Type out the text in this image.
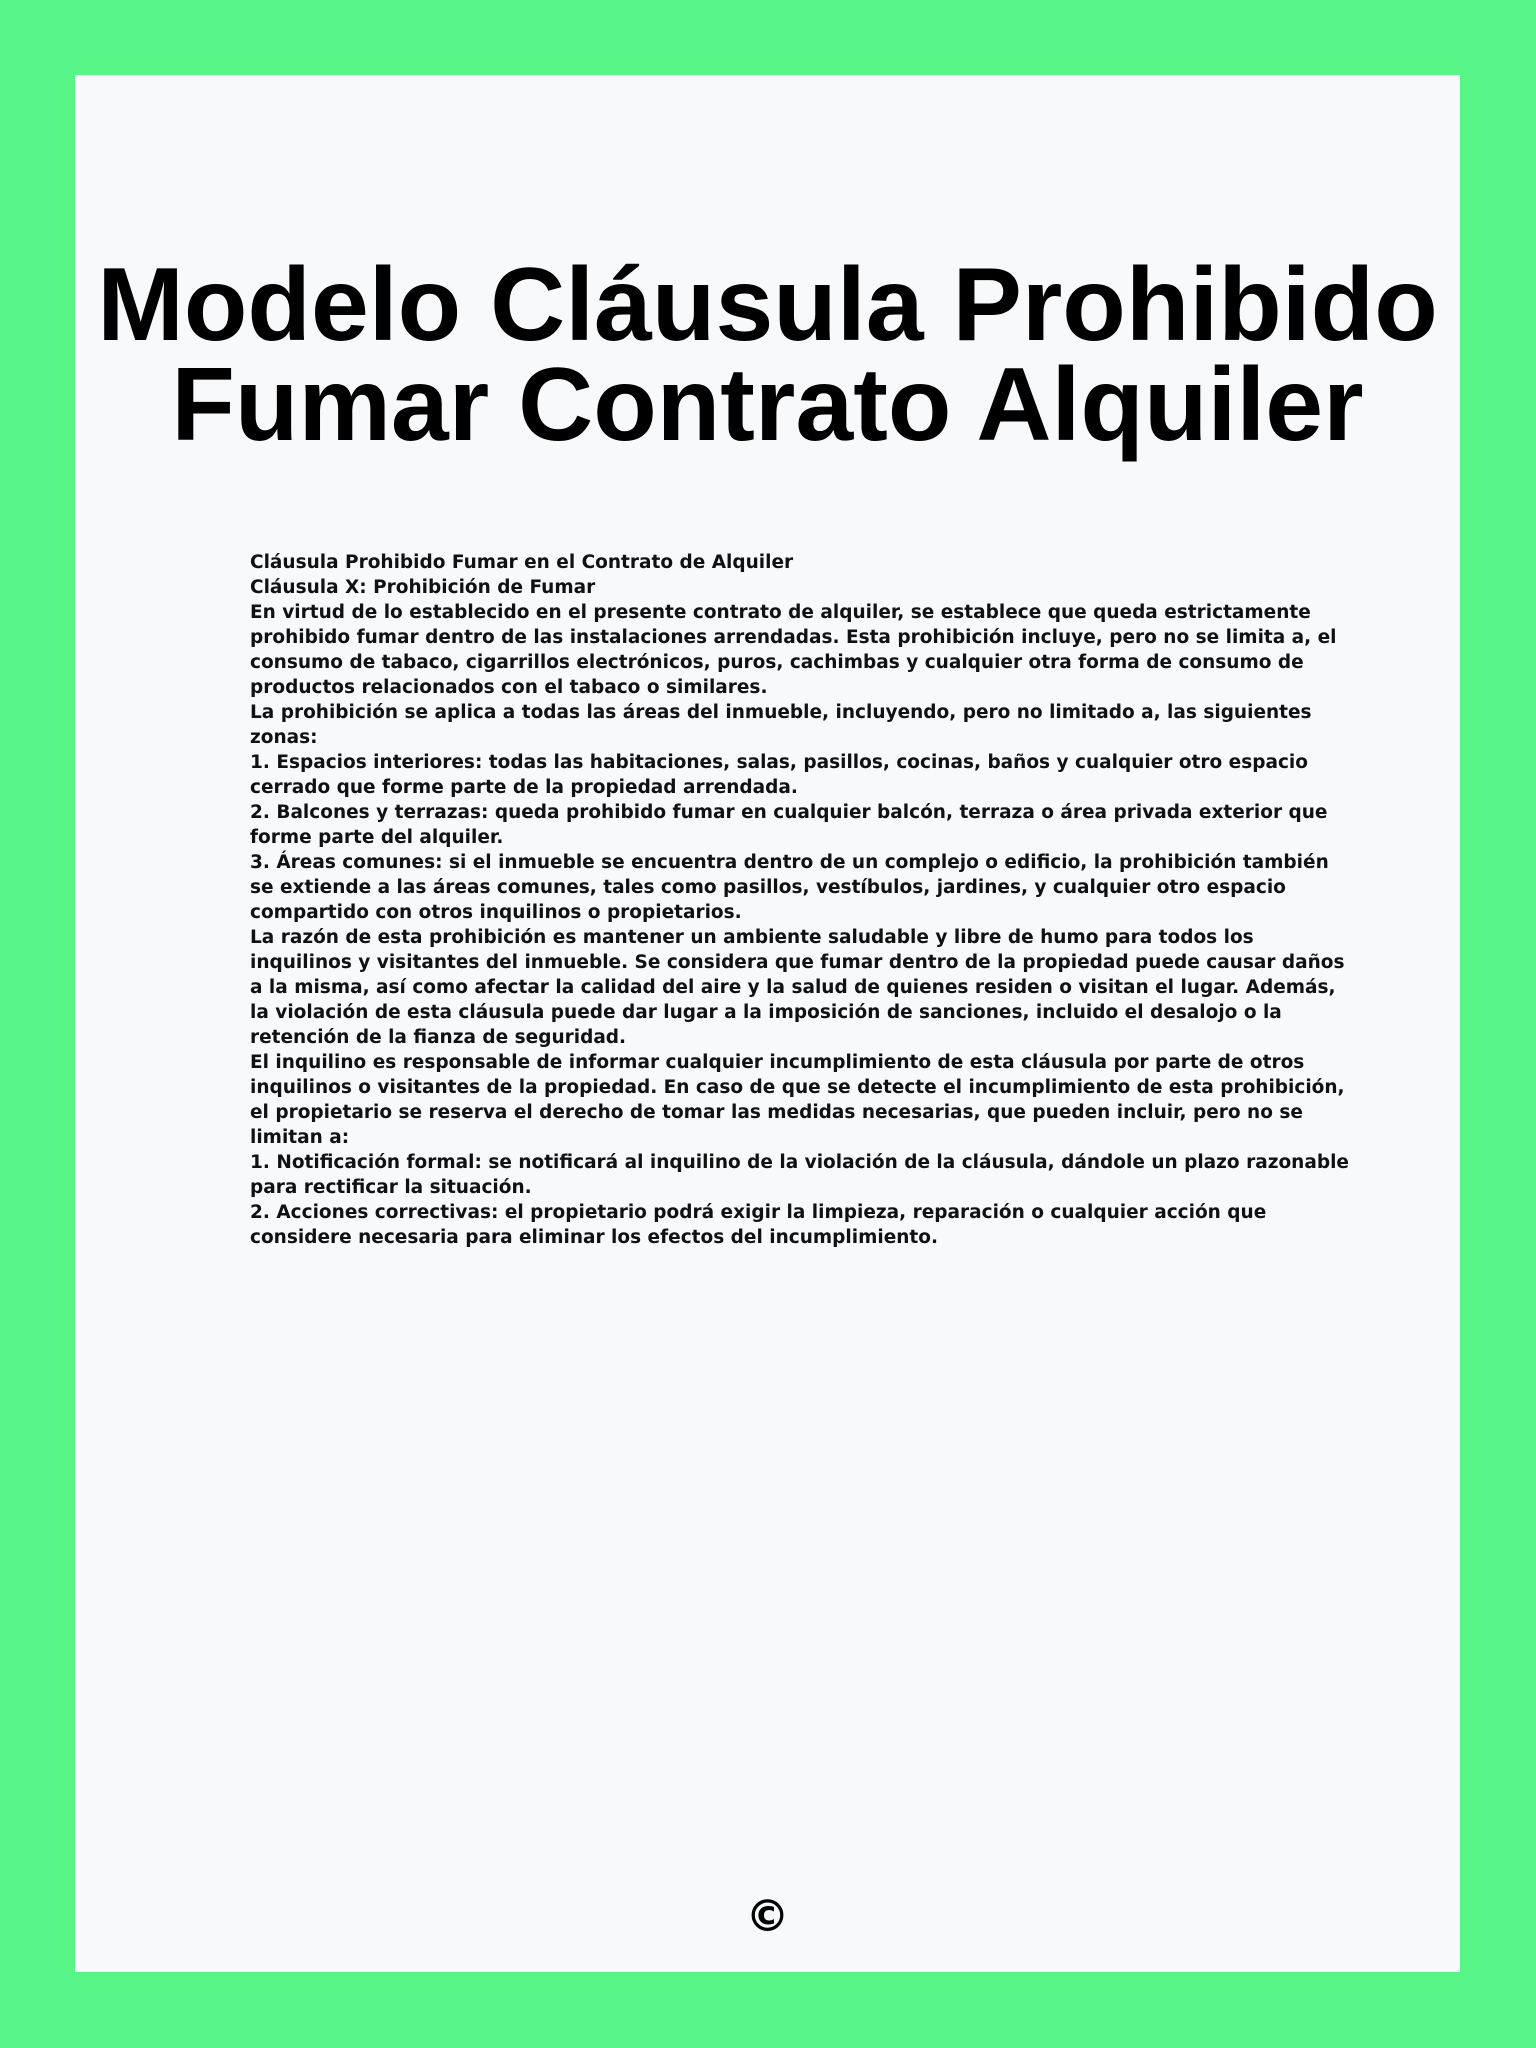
Modelo Cláusula Prohibido Fumar Contrato Alquiler

Cláusula Prohibido Fumar en el Contrato de Alquiler

Cláusula X: Prohibición de Fumar

En virtud de lo establecido en el presente contrato de alquiler, se establece que queda estrictamente prohibido fumar dentro de las instalaciones arrendadas. Esta prohibición incluye, pero no se limita a, el consumo de tabaco, cigarrillos electrónicos, puros, cachimbas y cualquier otra forma de consumo de productos relacionados con el tabaco o similares.

La prohibición se aplica a todas las áreas del inmueble, incluyendo, pero no limitado a, las siguientes zonas:

1. Espacios interiores: todas las habitaciones, salas, pasillos, cocinas, baños y cualquier otro espacio cerrado que forme parte de la propiedad arrendada.

2. Balcones y terrazas: queda prohibido fumar en cualquier balcón, terraza o área privada exterior que forme parte del alquiler.

3. Áreas comunes: si el inmueble se encuentra dentro de un complejo o edificio, la prohibición también se extiende a las áreas comunes, tales como pasillos, vestíbulos, jardines, y cualquier otro espacio compartido con otros inquilinos o propietarios.

La razón de esta prohibición es mantener un ambiente saludable y libre de humo para todos los inquilinos y visitantes del inmueble. Se considera que fumar dentro de la propiedad puede causar daños a la misma, así como afectar la calidad del aire y la salud de quienes residen o visitan el lugar. Además, la violación de esta cláusula puede dar lugar a la imposición de sanciones, incluido el desalojo o la retención de la fianza de seguridad.

El inquilino es responsable de informar cualquier incumplimiento de esta cláusula por parte de otros inquilinos o visitantes de la propiedad. En caso de que se detecte el incumplimiento de esta prohibición, el propietario se reserva el derecho de tomar las medidas necesarias, que pueden incluir, pero no se limitan a:

1. Notificación formal: se notificará al inquilino de la violación de la cláusula, dándole un plazo razonable para rectificar la situación.

2. Acciones correctivas: el propietario podrá exigir la limpieza, reparación o cualquier acción que considere necesaria para eliminar los efectos del incumplimiento.

©
